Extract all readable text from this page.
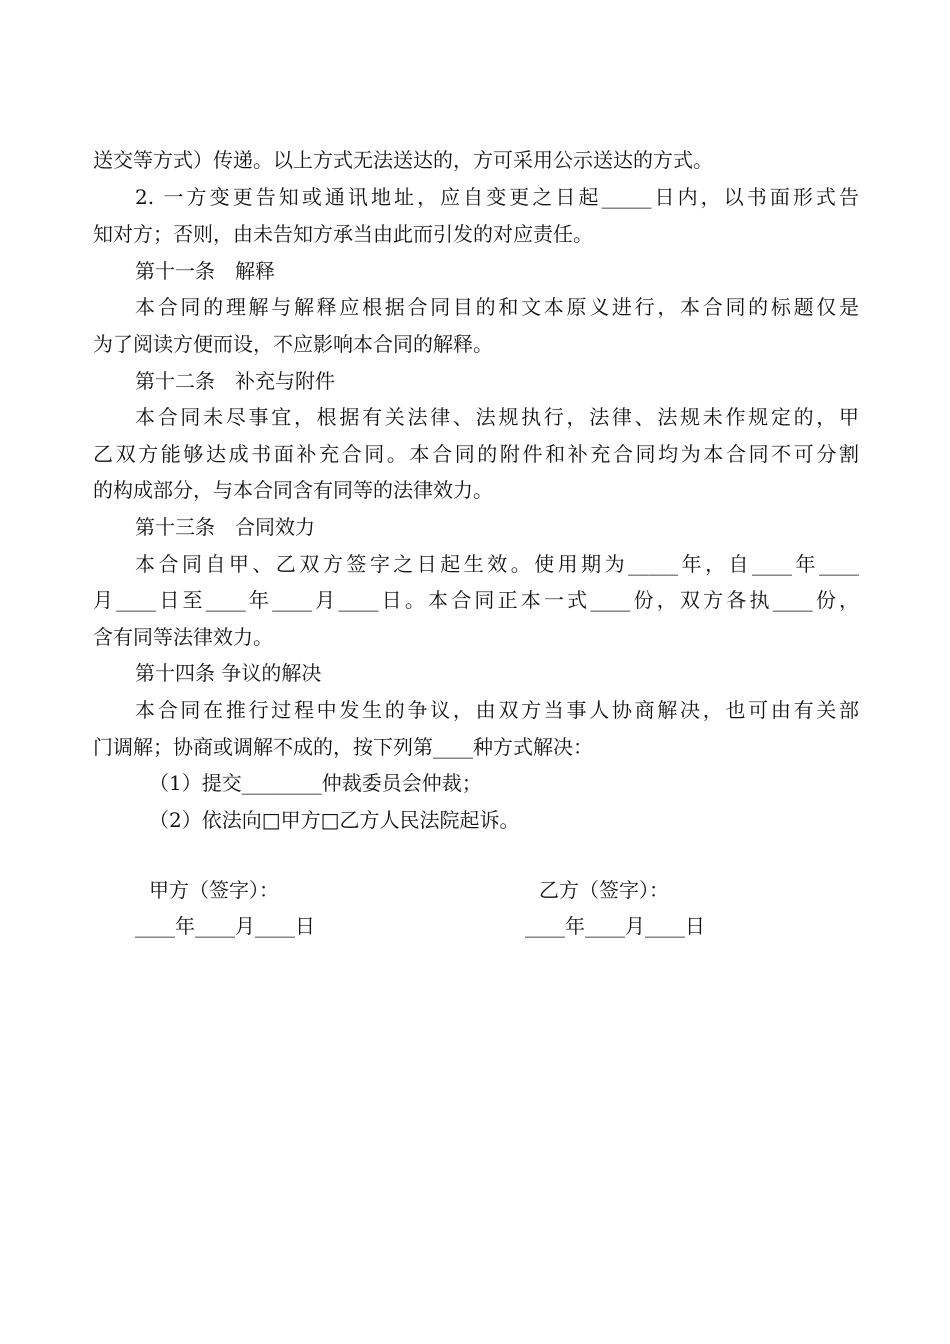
送交等方式）传递。以上方式无法送达的，方可采用公示送达的方式。
2. 一方变更告知或通讯地址，应自变更之日起_____日内，以书面形式告
知对方；否则，由未告知方承当由此而引发的对应责任。
第十一条　解释
本合同的理解与解释应根据合同目的和文本原义进行，本合同的标题仅是
为了阅读方便而设，不应影响本合同的解释。
第十二条　补充与附件
本合同未尽事宜，根据有关法律、法规执行，法律、法规未作规定的，甲
乙双方能够达成书面补充合同。本合同的附件和补充合同均为本合同不可分割
的构成部分，与本合同含有同等的法律效力。
第十三条　合同效力
本合同自甲、乙双方签字之日起生效。使用期为_____年，自____年____
月____日至____年____月____日。本合同正本一式____份，双方各执____份，
含有同等法律效力。
第十四条 争议的解决
本合同在推行过程中发生的争议，由双方当事人协商解决，也可由有关部
门调解；协商或调解不成的，按下列第____种方式解决：
（1）提交________仲裁委员会仲裁；
（2）依法向□甲方□乙方人民法院起诉。
甲方（签字）：	乙方（签字）：
____年____月____日	____年____月____日
